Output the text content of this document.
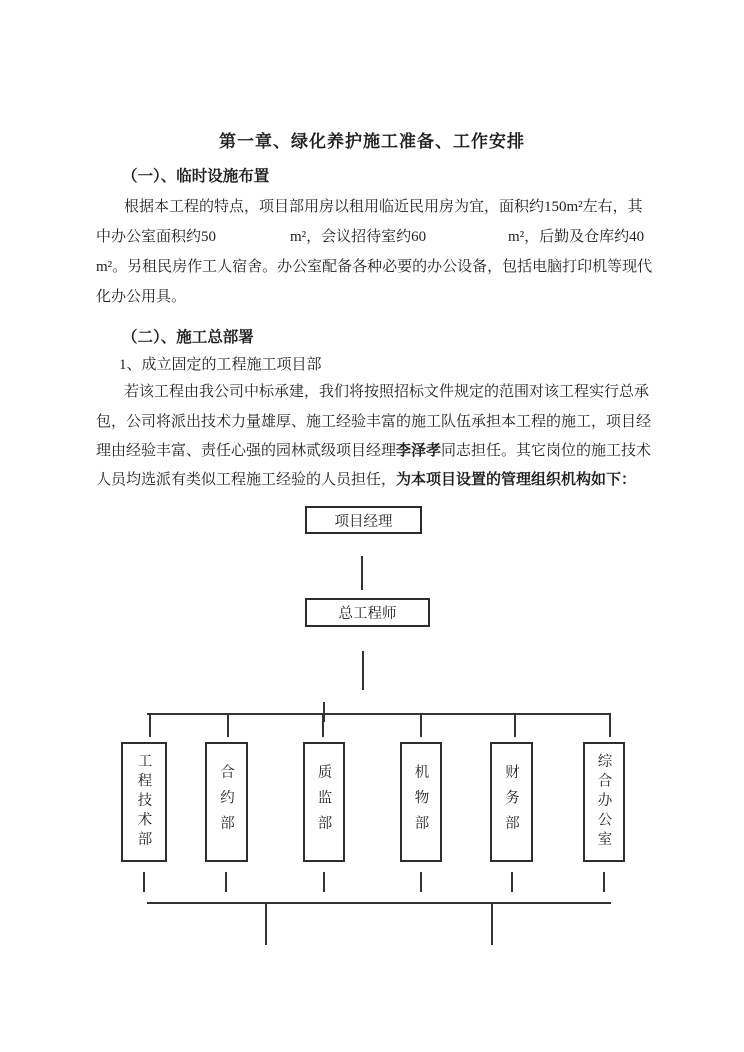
第一章、绿化养护施工准备、工作安排
（一）、临时设施布置
根据本工程的特点，项目部用房以租用临近民用房为宜，面积约150m²左右，其
中办公室面积约50	m²，会议招待室约60	m²，后勤及仓库约40
m²。另租民房作工人宿舍。办公室配备各种必要的办公设备，包括电脑打印机等现代
化办公用具。
（二）、施工总部署
1、成立固定的工程施工项目部
若该工程由我公司中标承建，我们将按照招标文件规定的范围对该工程实行总承
包，公司将派出技术力量雄厚、施工经验丰富的施工队伍承担本工程的施工，项目经
理由经验丰富、责任心强的园林贰级项目经理李泽孝同志担任。其它岗位的施工技术
人员均选派有类似工程施工经验的人员担任，为本项目设置的管理组织机构如下：
项目经理
总工程师
工程技术部	合约部	质监部	机物部	财务部	综合办公室
